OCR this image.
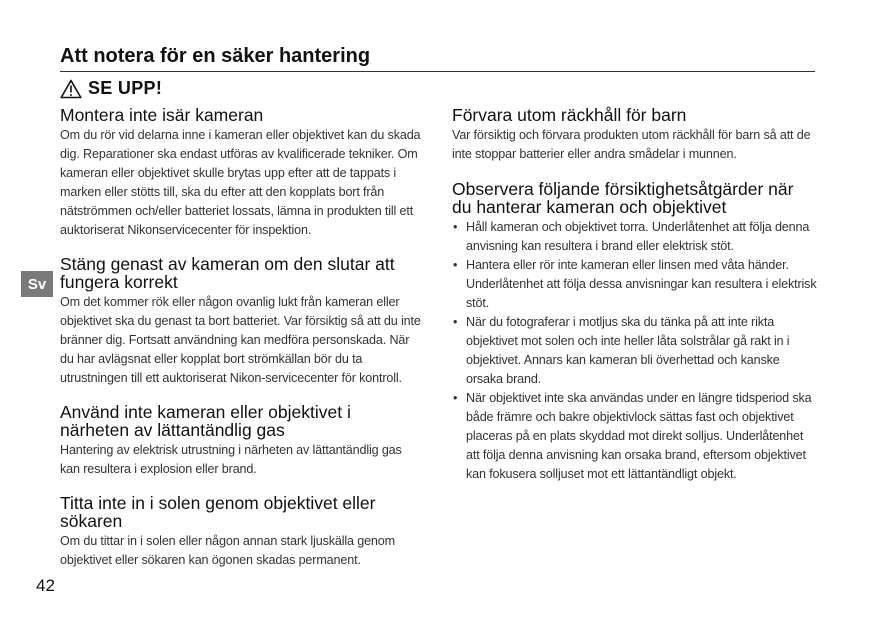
Att notera för en säker hantering
SE UPP!
Montera inte isär kameran

Om du rör vid delarna inne i kameran eller objektivet kan du skada dig. Reparationer ska endast utföras av kvalificerade tekniker. Om kameran eller objektivet skulle brytas upp efter att de tappats i marken eller stötts till, ska du efter att den kopplats bort från nätströmmen och/eller batteriet lossats, lämna in produkten till ett auktoriserat Nikonservicecenter för inspektion.

Stäng genast av kameran om den slutar att fungera korrekt

Om det kommer rök eller någon ovanlig lukt från kameran eller objektivet ska du genast ta bort batteriet. Var försiktig så att du inte bränner dig. Fortsatt användning kan medföra personskada. När du har avlägsnat eller kopplat bort strömkällan bör du ta utrustningen till ett auktoriserat Nikon-servicecenter för kontroll.

Använd inte kameran eller objektivet i närheten av lättantändlig gas

Hantering av elektrisk utrustning i närheten av lättantändlig gas kan resultera i explosion eller brand.

Titta inte in i solen genom objektivet eller sökaren

Om du tittar in i solen eller någon annan stark ljuskälla genom objektivet eller sökaren kan ögonen skadas permanent.

Förvara utom räckhåll för barn

Var försiktig och förvara produkten utom räckhåll för barn så att de inte stoppar batterier eller andra smådelar i munnen.

Observera följande försiktighetsåtgärder när du hanterar kameran och objektivet
• Håll kameran och objektivet torra. Underlåtenhet att följa denna anvisning kan resultera i brand eller elektrisk stöt.
• Hantera eller rör inte kameran eller linsen med våta händer. Underlåtenhet att följa dessa anvisningar kan resultera i elektrisk stöt.
• När du fotograferar i motljus ska du tänka på att inte rikta objektivet mot solen och inte heller låta solstrålar gå rakt in i objektivet. Annars kan kameran bli överhettad och kanske orsaka brand.
• När objektivet inte ska användas under en längre tidsperiod ska både främre och bakre objektivlock sättas fast och objektivet placeras på en plats skyddad mot direkt solljus. Underlåtenhet att följa denna anvisning kan orsaka brand, eftersom objektivet kan fokusera solljuset mot ett lättantändligt objekt.
Sv
42
